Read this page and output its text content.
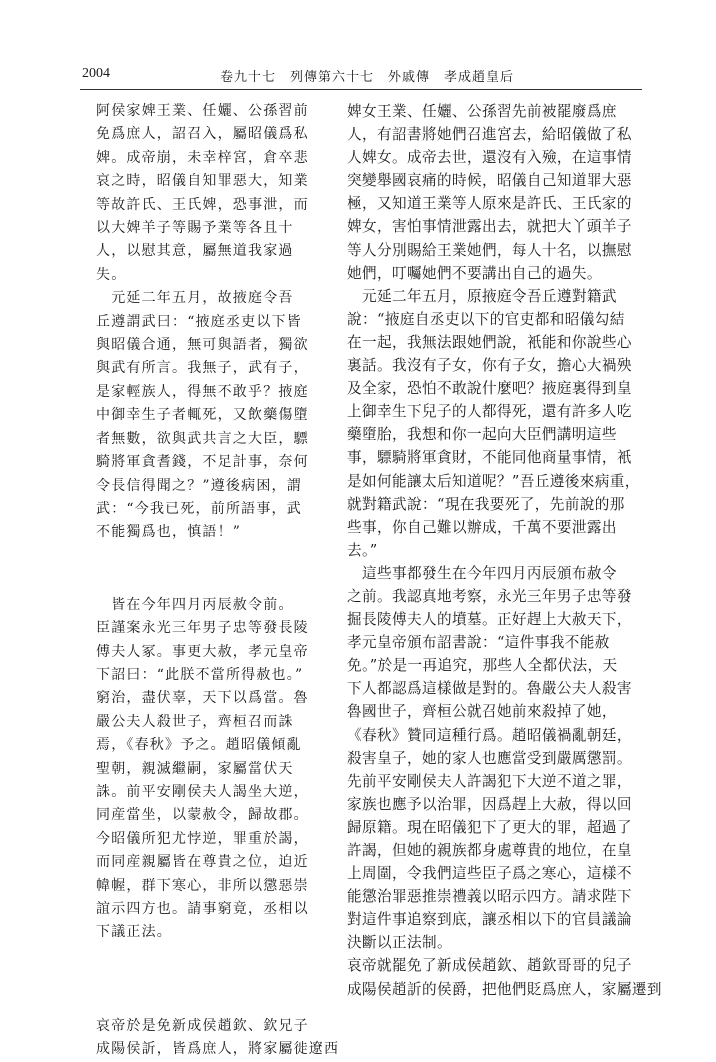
2004	卷九十七　列傳第六十七　外戚傳　孝成趙皇后
阿侯家婢王業、任孋、公孫習前
免爲庶人，詔召入，屬昭儀爲私
婢。成帝崩，未幸梓宮，倉卒悲
哀之時，昭儀自知罪惡大，知業
等故許氏、王氏婢，恐事泄，而
以大婢羊子等賜予業等各且十
人，以慰其意，屬無道我家過
失。
　元延二年五月，故掖庭令吾
丘遵謂武曰：“掖庭丞吏以下皆
與昭儀合通，無可與語者，獨欲
與武有所言。我無子，武有子，
是家輕族人，得無不敢乎？掖庭
中御幸生子者輒死，又飲藥傷墮
者無數，欲與武共言之大臣，驃
騎將軍貪耆錢，不足計事，奈何
令長信得聞之？”遵後病困，謂
武：“今我已死，前所語事，武
不能獨爲也，慎語！”
　皆在今年四月丙辰赦令前。
臣謹案永光三年男子忠等發長陵
傅夫人冢。事更大赦，孝元皇帝
下詔曰：“此朕不當所得赦也。”
窮治，盡伏辜，天下以爲當。魯
嚴公夫人殺世子，齊桓召而誅
焉，《春秋》予之。趙昭儀傾亂
聖朝，親滅繼嗣，家屬當伏天
誅。前平安剛侯夫人謁坐大逆，
同産當坐，以蒙赦令，歸故郡。
今昭儀所犯尤悖逆，罪重於謁，
而同産親屬皆在尊貴之位，迫近
幃幄，群下寒心，非所以懲惡崇
誼示四方也。請事窮竟，丞相以
下議正法。
哀帝於是免新成侯趙欽、欽兄子
成陽侯訢，皆爲庶人，將家屬徙遼西
婢女王業、任孋、公孫習先前被罷廢爲庶
人，有詔書將她們召進宮去，給昭儀做了私
人婢女。成帝去世，還沒有入殮，在這事情
突變舉國哀痛的時候，昭儀自己知道罪大惡
極，又知道王業等人原來是許氏、王氏家的
婢女，害怕事情泄露出去，就把大丫頭羊子
等人分別賜給王業她們，每人十名，以撫慰
她們，叮囑她們不要講出自己的過失。
　元延二年五月，原掖庭令吾丘遵對籍武
說：“掖庭自丞吏以下的官吏都和昭儀勾結
在一起，我無法跟她們說，衹能和你說些心
裏話。我沒有子女，你有子女，擔心大禍殃
及全家，恐怕不敢說什麼吧？掖庭裏得到皇
上御幸生下兒子的人都得死，還有許多人吃
藥墮胎，我想和你一起向大臣們講明這些
事，驃騎將軍貪財，不能同他商量事情，衹
是如何能讓太后知道呢？”吾丘遵後來病重，
就對籍武說：“現在我要死了，先前說的那
些事，你自己難以辦成，千萬不要泄露出
去。”
　這些事都發生在今年四月丙辰頒布赦令
之前。我認真地考察，永光三年男子忠等發
掘長陵傅夫人的墳墓。正好趕上大赦天下，
孝元皇帝頒布詔書說：“這件事我不能赦
免。”於是一再追究，那些人全都伏法，天
下人都認爲這樣做是對的。魯嚴公夫人殺害
魯國世子，齊桓公就召她前來殺掉了她，
《春秋》贊同這種行爲。趙昭儀禍亂朝廷，
殺害皇子，她的家人也應當受到嚴厲懲罰。
先前平安剛侯夫人許謁犯下大逆不道之罪，
家族也應予以治罪，因爲趕上大赦，得以回
歸原籍。現在昭儀犯下了更大的罪，超過了
許謁，但她的親族都身處尊貴的地位，在皇
上周圍，令我們這些臣子爲之寒心，這樣不
能懲治罪惡推崇禮義以昭示四方。請求陛下
對這件事追察到底，讓丞相以下的官員議論
決斷以正法制。
哀帝就罷免了新成侯趙欽、趙欽哥哥的兒子
成陽侯趙訢的侯爵，把他們貶爲庶人，家屬遷到
